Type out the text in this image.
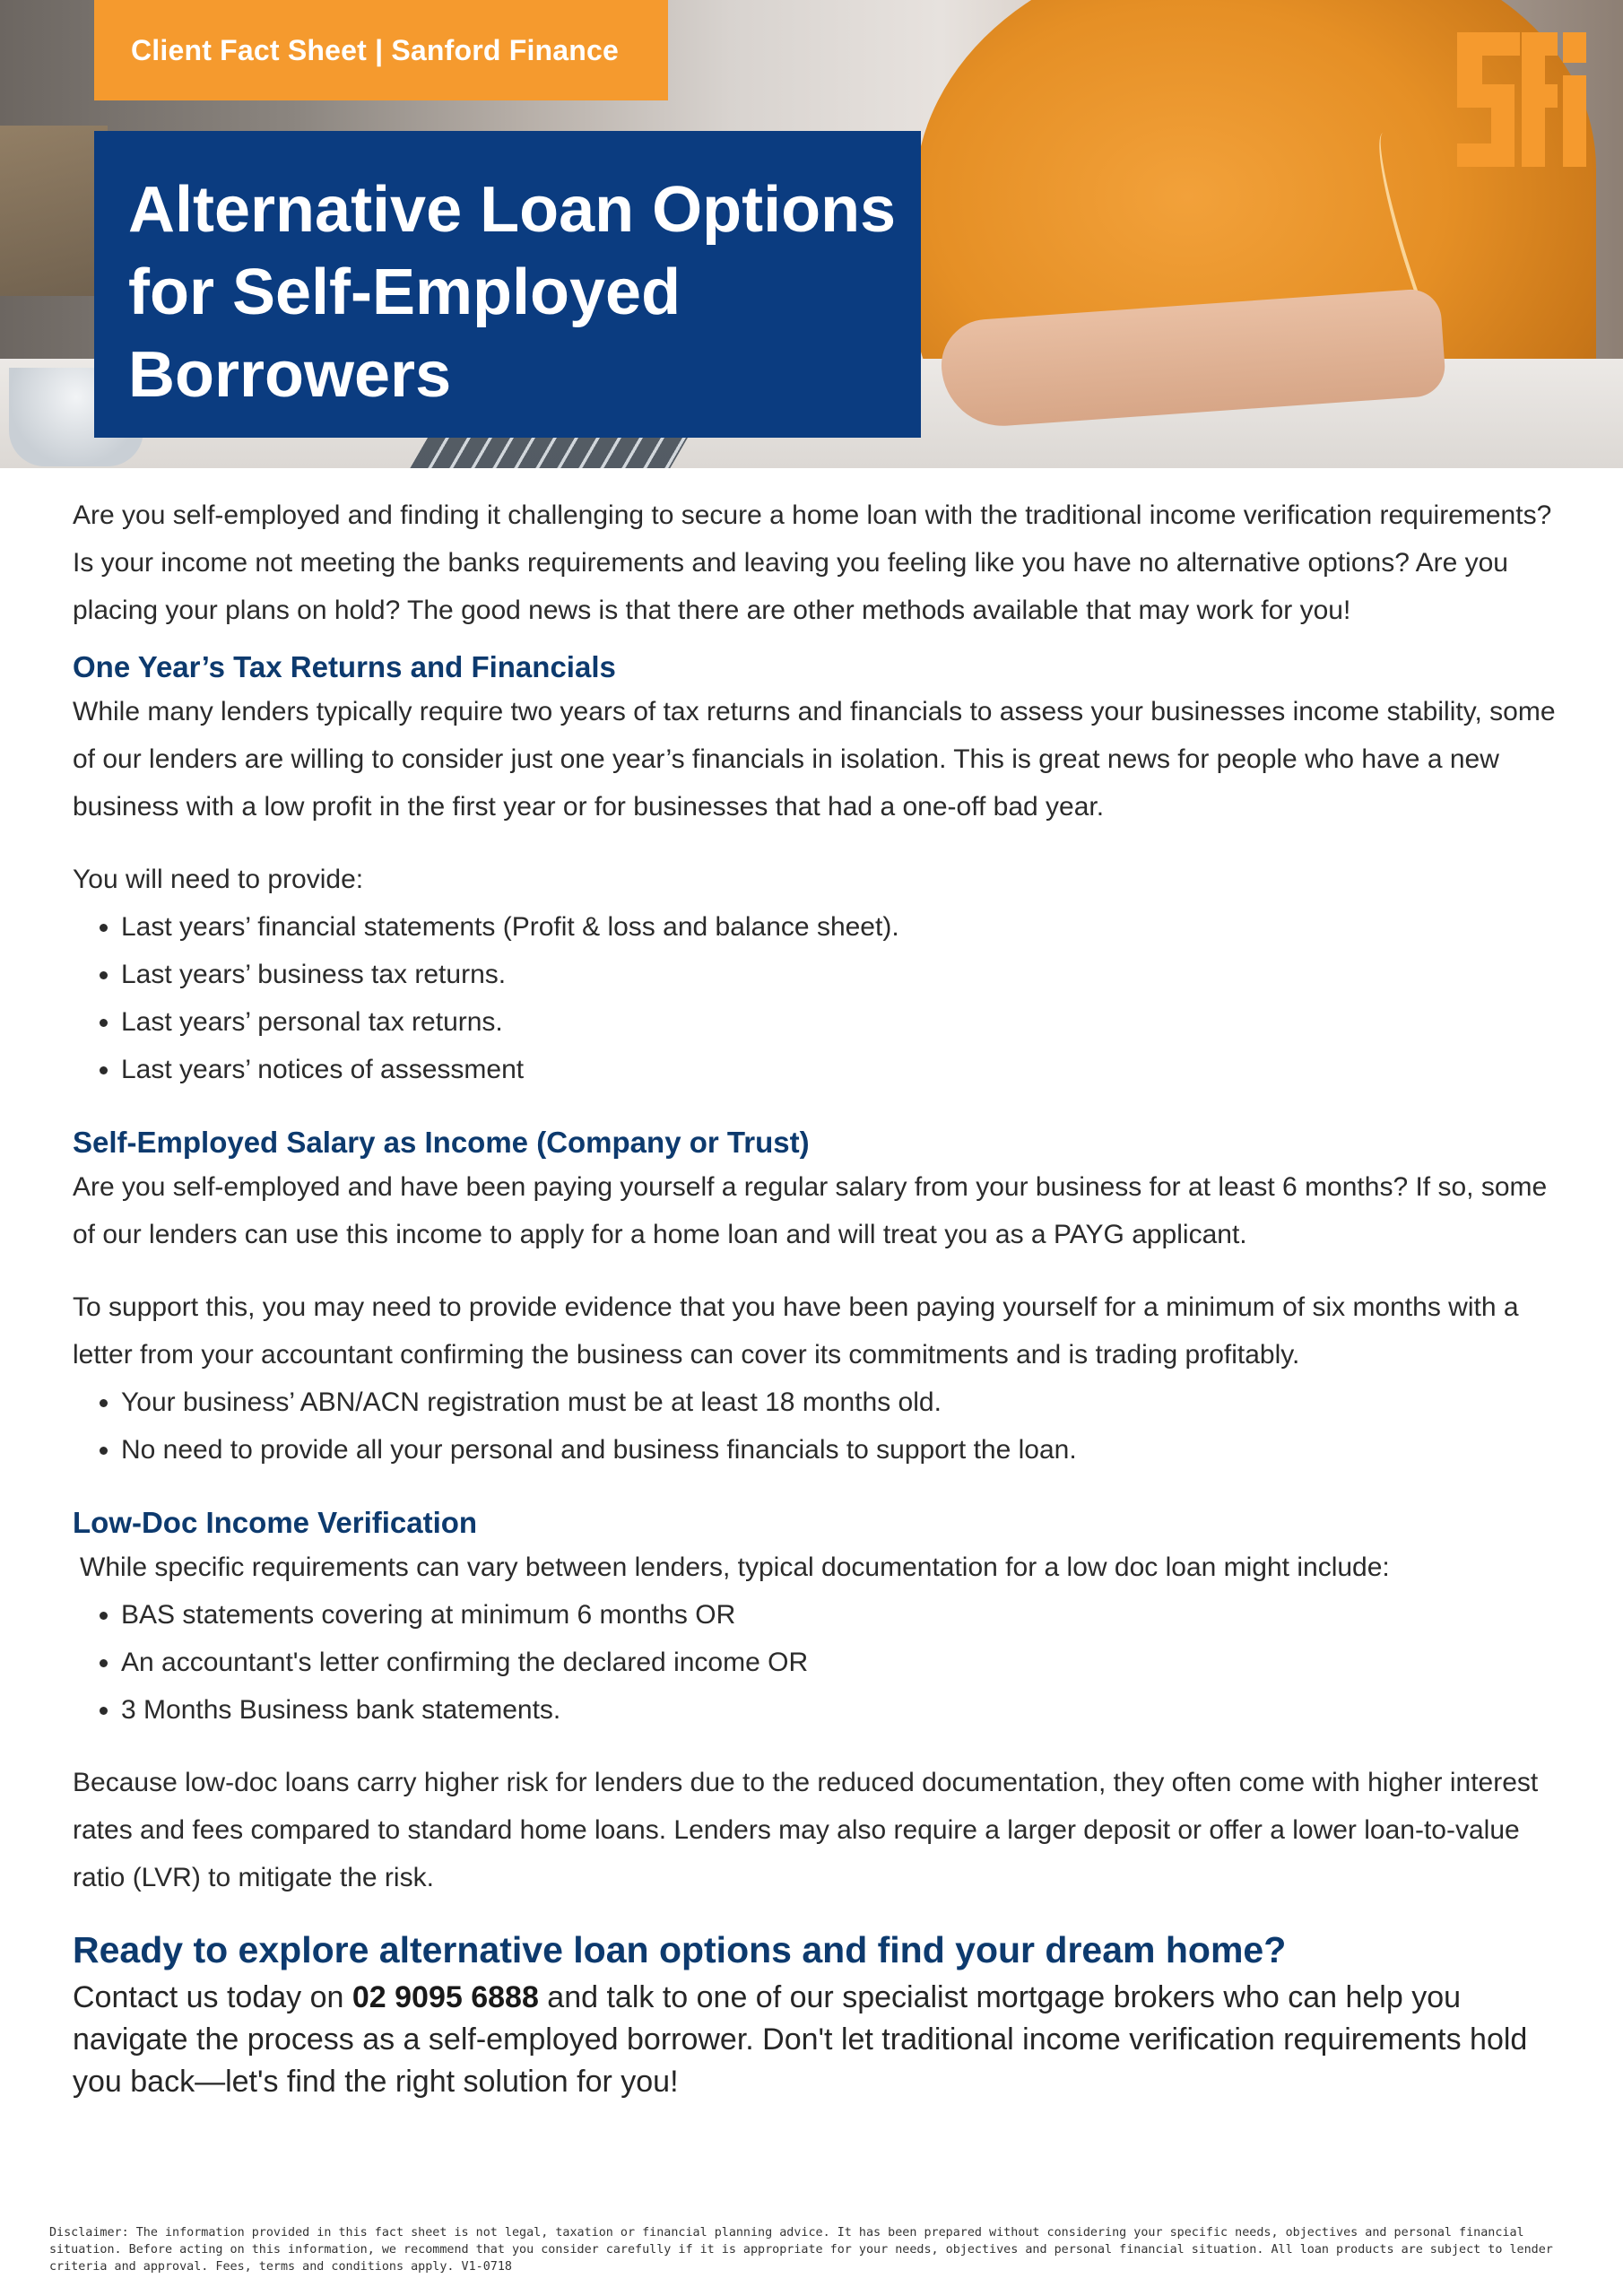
Client Fact Sheet | Sanford Finance
Alternative Loan Options for Self-Employed Borrowers

Are you self-employed and finding it challenging to secure a home loan with the traditional income verification requirements? Is your income not meeting the banks requirements and leaving you feeling like you have no alternative options? Are you placing your plans on hold? The good news is that there are other methods available that may work for you!

One Year’s Tax Returns and Financials

While many lenders typically require two years of tax returns and financials to assess your businesses income stability, some of our lenders are willing to consider just one year’s financials in isolation. This is great news for people who have a new business with a low profit in the first year or for businesses that had a one-off bad year.

You will need to provide:

• Last years’ financial statements (Profit & loss and balance sheet).
• Last years’ business tax returns.
• Last years’ personal tax returns.
• Last years’ notices of assessment
Self-Employed Salary as Income (Company or Trust)

Are you self-employed and have been paying yourself a regular salary from your business for at least 6 months? If so, some of our lenders can use this income to apply for a home loan and will treat you as a PAYG applicant.

To support this, you may need to provide evidence that you have been paying yourself for a minimum of six months with a letter from your accountant confirming the business can cover its commitments and is trading profitably.

• Your business’ ABN/ACN registration must be at least 18 months old.
• No need to provide all your personal and business financials to support the loan.
Low-Doc Income Verification

While specific requirements can vary between lenders, typical documentation for a low doc loan might include:

• BAS statements covering at minimum 6 months OR
• An accountant's letter confirming the declared income OR
• 3 Months Business bank statements.

Because low-doc loans carry higher risk for lenders due to the reduced documentation, they often come with higher interest rates and fees compared to standard home loans. Lenders may also require a larger deposit or offer a lower loan-to-value ratio (LVR) to mitigate the risk.

Ready to explore alternative loan options and find your dream home?

Contact us today on 02 9095 6888 and talk to one of our specialist mortgage brokers who can help you navigate the process as a self-employed borrower. Don't let traditional income verification requirements hold you back—let's find the right solution for you!

Disclaimer: The information provided in this fact sheet is not legal, taxation or financial planning advice. It has been prepared without considering your specific needs, objectives and personal financial situation. Before acting on this information, we recommend that you consider carefully if it is appropriate for your needs, objectives and personal financial situation. All loan products are subject to lender criteria and approval. Fees, terms and conditions apply. V1-0718
